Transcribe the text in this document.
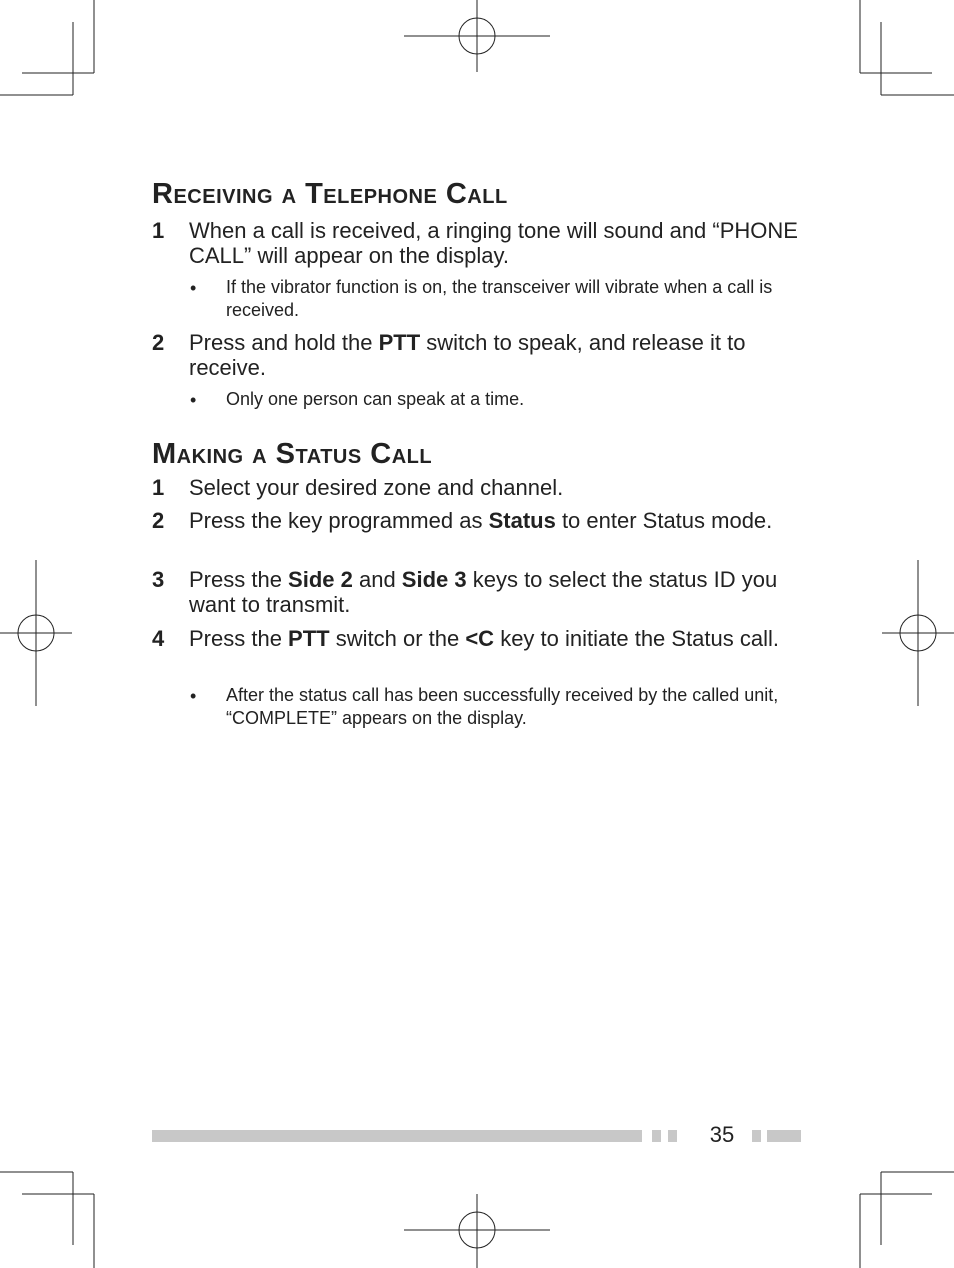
Receiving a Telephone Call
1	When a call is received, a ringing tone will sound and “PHONE CALL” will appear on the display.
• If the vibrator function is on, the transceiver will vibrate when a call is received.
2	Press and hold the PTT switch to speak, and release it to receive.
• Only one person can speak at a time.
Making a Status Call
1	Select your desired zone and channel.
2	Press the key programmed as Status to enter Status mode.
3	Press the Side 2 and Side 3 keys to select the status ID you want to transmit.
4	Press the PTT switch or the <C key to initiate the Status call.
• After the status call has been successfully received by the called unit, “COMPLETE” appears on the display.
35
